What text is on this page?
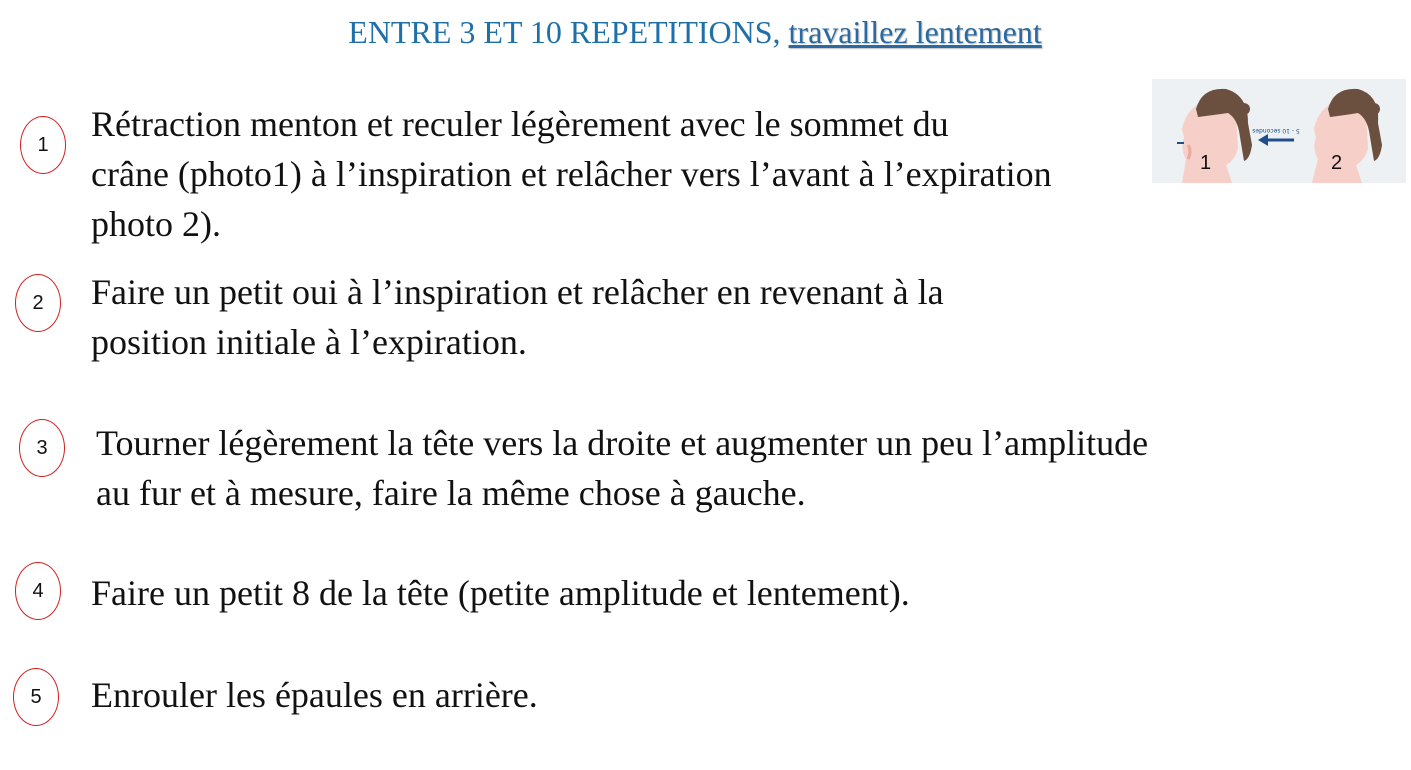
ENTRE 3 ET 10 REPETITIONS, travaillez lentement
1
Rétraction menton et reculer légèrement avec le sommet du
crâne (photo1) à l’inspiration et relâcher vers l’avant à l’expiration
photo 2).
2	Faire un petit oui à l’inspiration et relâcher en revenant à la
position initiale à l’expiration.
3	Tourner légèrement la tête vers la droite et augmenter un peu l’amplitude
au fur et à mesure, faire la même chose à gauche.
4	Faire un petit 8 de la tête (petite amplitude et lentement).
5	Enrouler les épaules en arrière.
5 - 10 secondes
1	2
